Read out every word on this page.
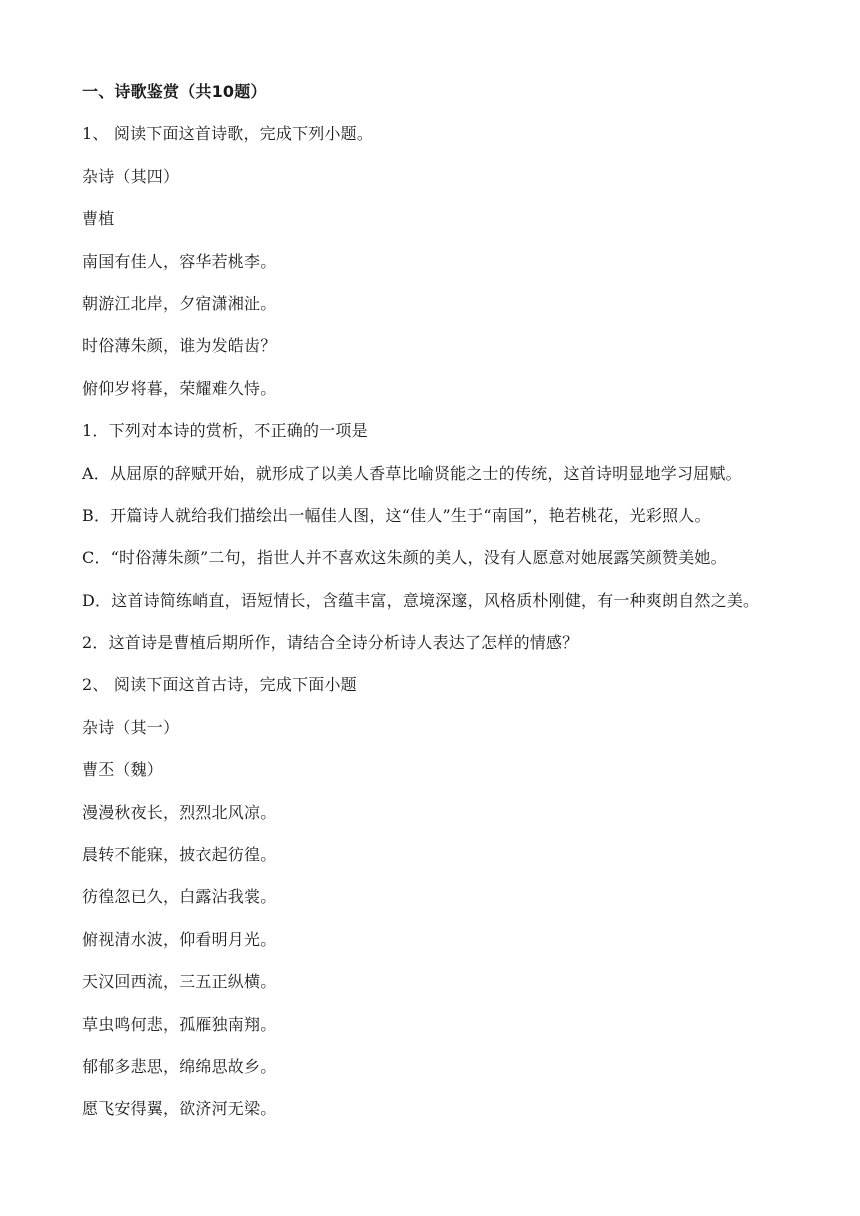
一、诗歌鉴赏（共10题）
1、 阅读下面这首诗歌，完成下列小题。
杂诗（其四）
曹植
南国有佳人，容华若桃李。
朝游江北岸，夕宿潇湘沚。
时俗薄朱颜，谁为发皓齿？
俯仰岁将暮，荣耀难久恃。
1．下列对本诗的赏析，不正确的一项是
A．从屈原的辞赋开始，就形成了以美人香草比喻贤能之士的传统，这首诗明显地学习屈赋。
B．开篇诗人就给我们描绘出一幅佳人图，这“佳人”生于“南国”，艳若桃花，光彩照人。
C．“时俗薄朱颜”二句，指世人并不喜欢这朱颜的美人，没有人愿意对她展露笑颜赞美她。
D．这首诗简练峭直，语短情长，含蕴丰富，意境深邃，风格质朴刚健，有一种爽朗自然之美。
2．这首诗是曹植后期所作，请结合全诗分析诗人表达了怎样的情感？
2、 阅读下面这首古诗，完成下面小题
杂诗（其一）
曹丕（魏）
漫漫秋夜长，烈烈北风凉。
晨转不能寐，披衣起彷徨。
彷徨忽已久，白露沾我裳。
俯视清水波，仰看明月光。
天汉回西流，三五正纵横。
草虫鸣何悲，孤雁独南翔。
郁郁多悲思，绵绵思故乡。
愿飞安得翼，欲济河无梁。
